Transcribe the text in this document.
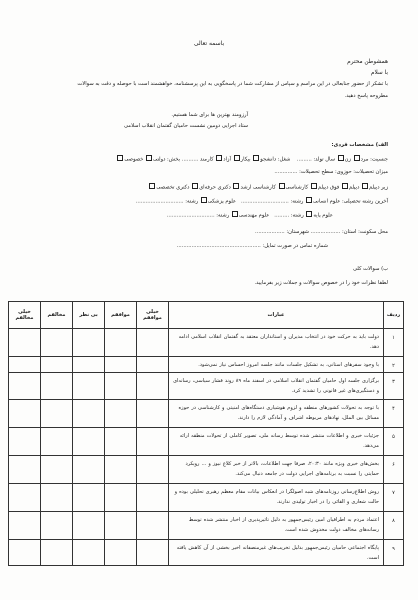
باسمه تعالی
همشوطن محترم
با سلام
با تشکر از حضور جنابعالی در این مراسم و سپاس از مشارکت شما در پاسخگویی به این پرسشنامه، خواهشمند است با حوصله و دقت به سوالات
مطروحه پاسخ دهید.
آرزومند بهترین ها برای شما هستیم.
ستاد اجرایی دومین نشست حامیان گفتمان انقلاب اسلامی
الف) مشخصات فردی:
جنسیت: مرد زن سال تولد: .........    شغل: دانشجو بیکار آزاد کارمند .......... بخش: دولتی خصوصی
میزان تحصیلات: حوزوی: سطح تحصیلات: ..............
زیر دیپلم دیپلم فوق دیپلم کارشناسی کارشناسی ارشد دکتری حرفه‌ای دکتری تخصصی
آخرین رشته تحصیلی: علوم انسانی رشته: .............................   علوم پزشکی رشته: .............................
علوم پایه رشته: .........   علوم مهندسی رشته: .............................
محل سکونت: استان: .................. شهرستان: ..................
شماره تماس در صورت تمایل: ...................................................
ب) سوالات کلی
لطفا نظرات خود را در خصوص سوالات و جملات زیر بفرمایید.
ردیف	عبارات	خیلی موافقم	موافقم	بی نظر	مخالفم	خیلی مخالفم
۱	دولت باید به حرکت خود در انتخاب مدیران و استانداران معتقد به گفتمان انقلاب اسلامی ادامه دهد.					
۲	با وجود سفرهای استانی، به تشکیل جلسات مانند جلسه امروز احساس نیاز نمی‌شود.					
۳	برگزاری جلسه اول حامیان گفتمان انقلاب اسلامی در اسفند ماه ۸۹ روند فشار سیاسی، رسانه‌ای و دستگیری‌های غیر قانونی را تشدید کرد.					
۴	با توجه به تحولات کشورهای منطقه و لزوم هوشیاری دستگاه‌های امنیتی و کارشناسی در حوزه مسائل بین الملل، نهادهای مربوطه اشراف و آمادگی لازم را دارند.					
۵	جزئیات خبری و اطلاعات منتشر شده توسط رسانه ملی، تصویر کاملی از تحولات منطقه ارائه می‌دهد.					
۶	بخش‌های خبری ویژه مانند ۲۰:۳۰، صرفا جهت اطلاعات، بالاتر از خبر کلاغ نیوز و ... رویکرد حمایتی را نسبت به برنامه‌های اجرایی دولت در جامعه دنبال می‌کند.					
۷	روش اطلاع‌رسانی روزنامه‌های شبه اصولگرا در انعکاس بیانات مقام معظم رهبری تحلیلی بوده و حالت شعاری و القائی را در اخبار تولیدی ندارند.					
۸	اعتماد مردم به اطرافیان امین رئیس‌جمهور به دلیل تاثیرپذیری از اخبار منتشر شده توسط رسانه‌های مخالف دولت مخدوش شده است.					
۹	پایگاه اجتماعی حامیان رئیس‌جمهور بدلیل تخریب‌های غیرمنصفانه اخیر بخشی از آن کاهش یافته است.					
